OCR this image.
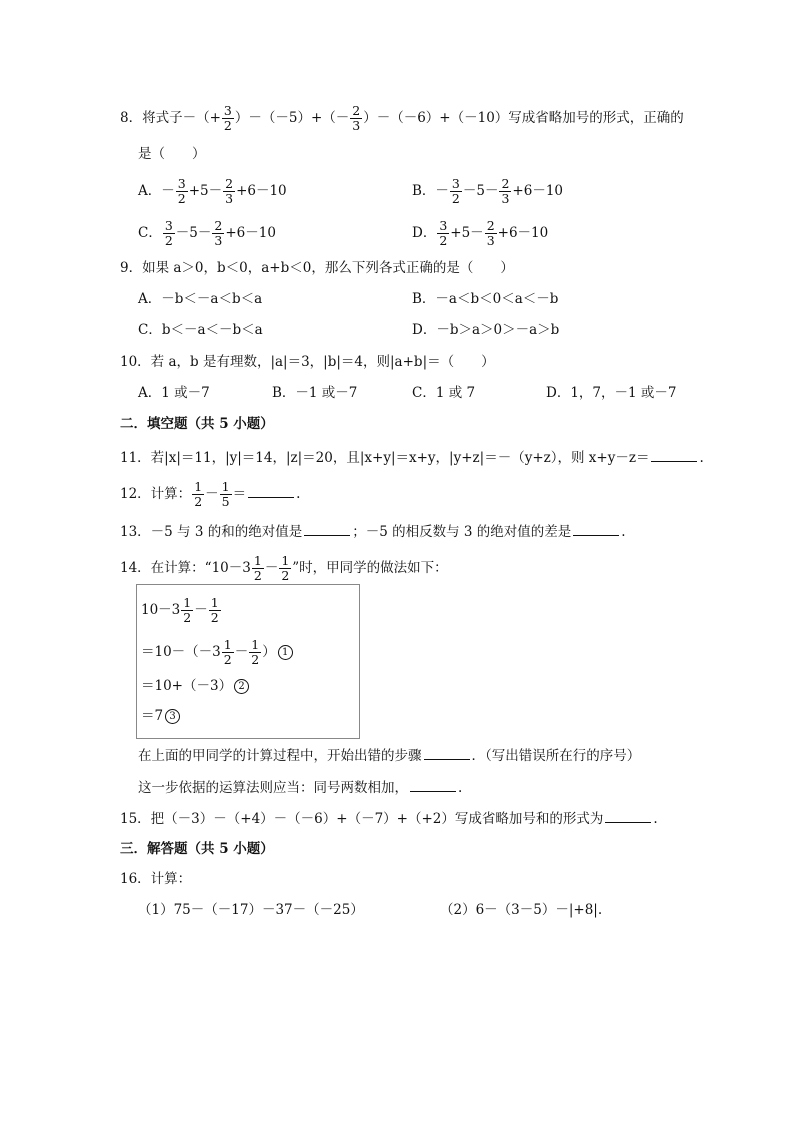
8．将式子－（+ $\frac{3}{2} )-(-5)+(- \frac{2}{3} )-(-6)+(-10)$写成省略加号的形式，正确的
是（　　）
A．－ $\frac{3}{2} +5- \frac{2}{3} +6-10$	B．－ $\frac{3}{2} -5- \frac{2}{3} +6-10$
C． $\frac{3}{2} -5- \frac{2}{3} +6-10$	D． $\frac{3}{2} +5- \frac{2}{3} +6-10$
9．如果 a＞0，b＜0，a+b＜0，那么下列各式正确的是（　　）
A．－b＜－a＜b＜a	B．－a＜b＜0＜a＜－b
C．b＜－a＜－b＜a	D．－b＞a＞0＞－a＞b
10．若 a，b 是有理数，|a|＝3，|b|＝4，则|a+b|＝（　　）
A．1 或－7	B．－1 或－7	C．1 或 7	D．1，7，－1 或－7
二．填空题（共 5 小题）
11．若|x|＝11，|y|＝14，|z|＝20，且|x+y|＝x+y，|y+z|＝－（y+z），则 x+y－z＝	.
12．计算： $\frac{1}{2} - \frac{1}{5}$ ＝	.
13．－5 与 3 的和的绝对值是	；－5 的相反数与 3 的绝对值的差是	.
14．在计算：“$10-3 \frac{1}{2} - \frac{1}{2}$ ”时，甲同学的做法如下：
$10-3 \frac{1}{2} - \frac{1}{2}$
$=10-(-3 \frac{1}{2} - \frac{1}{2}$ ） 1
＝10+（－3） 2
＝7 3
在上面的甲同学的计算过程中，开始出错的步骤	．（写出错误所在行的序号）
这一步依据的运算法则应当：同号两数相加，	.
15．把（－3）－（+4）－（－6）+（－7）+（+2）写成省略加号和的形式为	.
三．解答题（共 5 小题）
16．计算：
（1）75－（－17）－37－（－25）	（2）6－（3－5）－|+8|.
